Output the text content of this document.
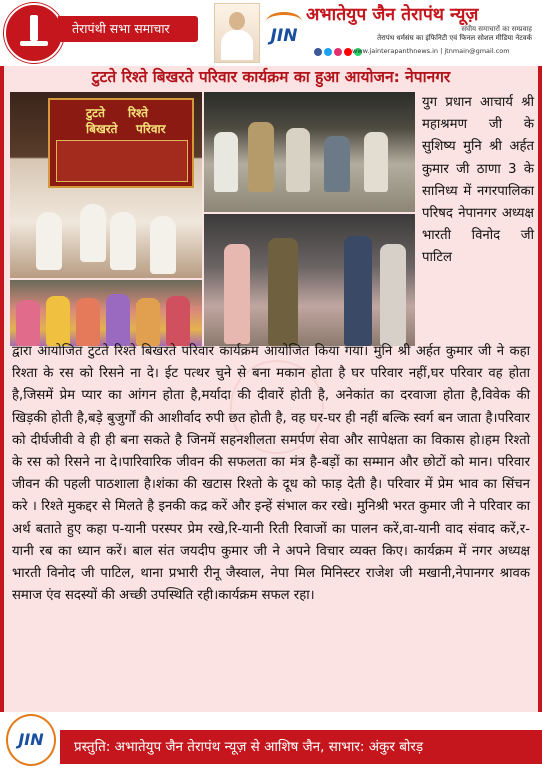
तेरापंथी सभा समाचार	JIN
अभातेयुप जैन तेरापंथ न्यूज़
संघीय समाचारों का सम्प्रवाह
तेरापंथ धर्मसंघ का इंफिनिटी एवं फिनल सोशल मीडिया नेटवर्क
www.jainterapanthnews.in | jtnmain@gmail.com
टुटते रिश्ते बिखरते परिवार कार्यक्रम का हुआ आयोजन: नेपानगर
टुटते रिश्ते
बिखरते परिवार
युग प्रधान आचार्य श्री महाश्रमण जी के सुशिष्य मुनि श्री अर्हत कुमार जी ठाणा 3 के सानिध्य में नगरपालिका परिषद नेपानगर अध्यक्ष भारती विनोद जी पाटिल
द्वारा आयोजित टुटते रिश्ते बिखरते परिवार कार्यक्रम आयोजित किया गया। मुनि श्री अर्हत कुमार जी ने कहा रिश्ता के रस को रिसने ना दे। ईट पत्थर चुने से बना मकान होता है घर परिवार नहीं,घर परिवार वह होता है,जिसमें प्रेम प्यार का आंगन होता है,मर्यादा की दीवारें होती है, अनेकांत का दरवाजा होता है,विवेक की खिड़की होती है,बड़े बुजुर्गों की आशीर्वाद रुपी छत होती है, वह घर-घर ही नहीं बल्कि स्वर्ग बन जाता है।परिवार को दीर्घजीवी वे ही ही बना सकते है जिनमें सहनशीलता समर्पण सेवा और सापेक्षता का विकास हो।हम रिश्तो के रस को रिसने ना दे।पारिवारिक जीवन की सफलता का मंत्र है-बड़ों का सम्मान और छोटों को मान। परिवार जीवन की पहली पाठशाला है।शंका की खटास रिश्तो के दूध को फाड़ देती है। परिवार में प्रेम भाव का सिंचन करे । रिश्ते मुकद्दर से मिलते है इनकी कद्र करें और इन्हें संभाल कर रखे। मुनिश्री भरत कुमार जी ने परिवार का अर्थ बताते हुए कहा प-यानी परस्पर प्रेम रखे,रि-यानी रिती रिवाजों का पालन करें,वा-यानी वाद संवाद करें,र-यानी रब का ध्यान करें। बाल संत जयदीप कुमार जी ने अपने विचार व्यक्त किए। कार्यक्रम में नगर अध्यक्ष भारती विनोद जी पाटिल, थाना प्रभारी रीनू जैस्वाल, नेपा मिल मिनिस्टर राजेश जी मखानी,नेपानगर श्रावक समाज एंव सदस्यों की अच्छी उपस्थिति रही।कार्यक्रम सफल रहा।
JIN	प्रस्तुति: अभातेयुप जैन तेरापंथ न्यूज़ से आशिष जैन, साभार: अंकुर बोरड़
